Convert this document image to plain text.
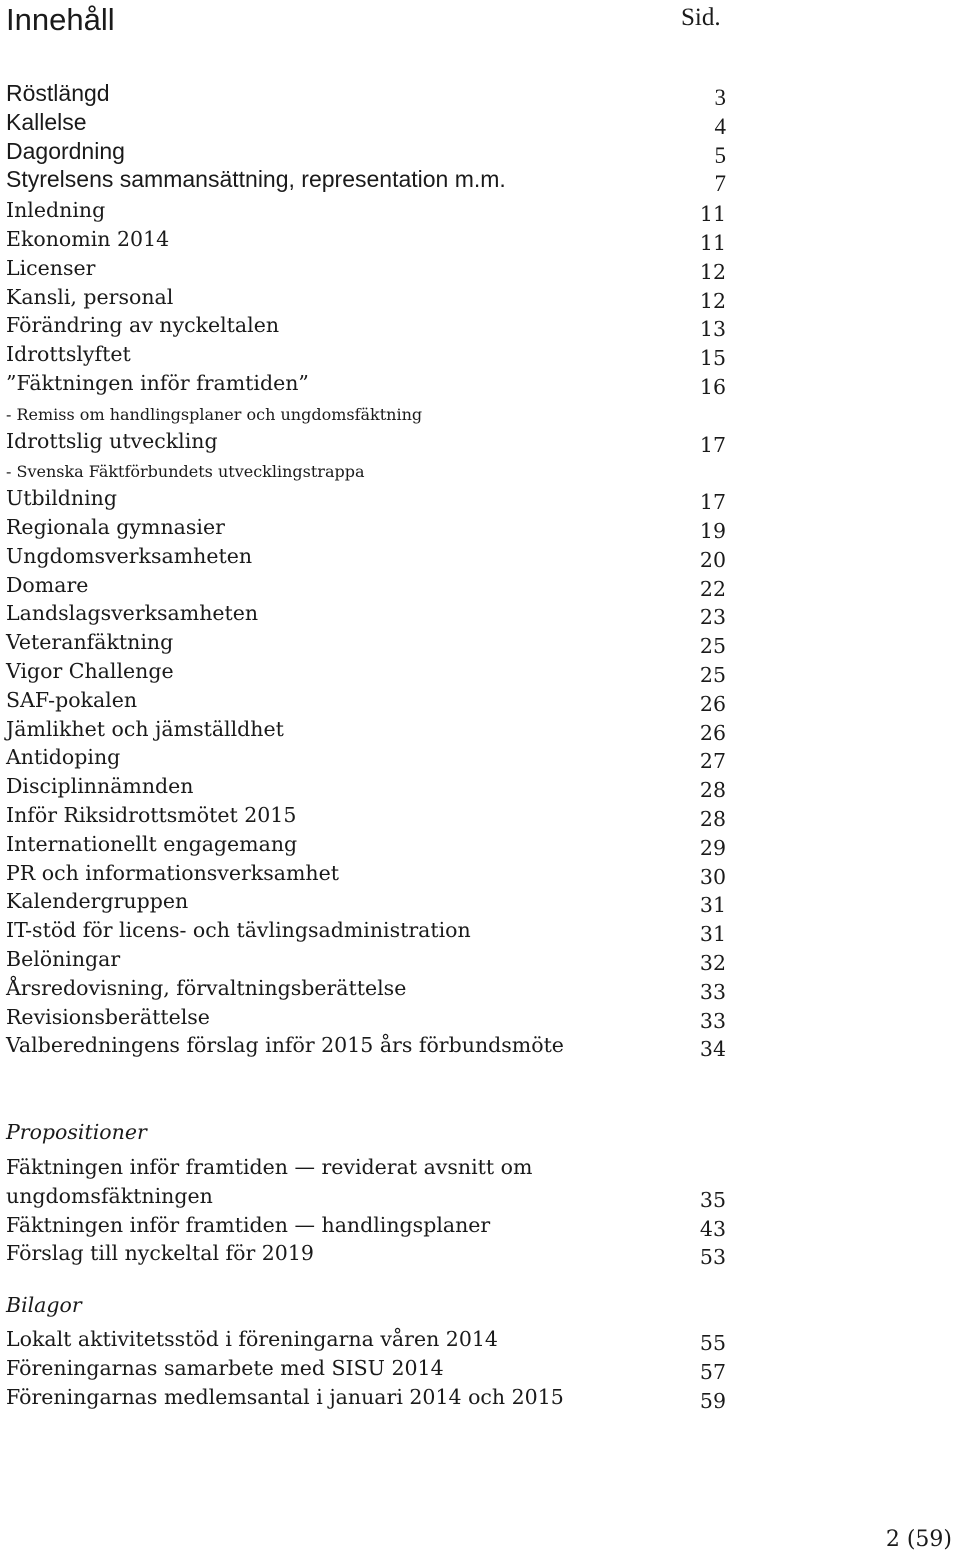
Innehåll	Sid.
Röstlängd	3
Kallelse	4
Dagordning	5
Styrelsens sammansättning, representation m.m.	7
Inledning	11
Ekonomin 2014	11
Licenser	12
Kansli, personal	12
Förändring av nyckeltalen	13
Idrottslyftet	15
”Fäktningen inför framtiden”	16
- Remiss om handlingsplaner och ungdomsfäktning
Idrottslig utveckling	17
- Svenska Fäktförbundets utvecklingstrappa
Utbildning	17
Regionala gymnasier	19
Ungdomsverksamheten	20
Domare	22
Landslagsverksamheten	23
Veteranfäktning	25
Vigor Challenge	25
SAF-pokalen	26
Jämlikhet och jämställdhet	26
Antidoping	27
Disciplinnämnden	28
Inför Riksidrottsmötet 2015	28
Internationellt engagemang	29
PR och informationsverksamhet	30
Kalendergruppen	31
IT-stöd för licens- och tävlingsadministration	31
Belöningar	32
Årsredovisning, förvaltningsberättelse	33
Revisionsberättelse	33
Valberedningens förslag inför 2015 års förbundsmöte	34
Propositioner
Fäktningen inför framtiden — reviderat avsnitt om
ungdomsfäktningen	35
Fäktningen inför framtiden — handlingsplaner	43
Förslag till nyckeltal för 2019	53
Bilagor
Lokalt aktivitetsstöd i föreningarna våren 2014	55
Föreningarnas samarbete med SISU 2014	57
Föreningarnas medlemsantal i januari 2014 och 2015	59
2 (59)
